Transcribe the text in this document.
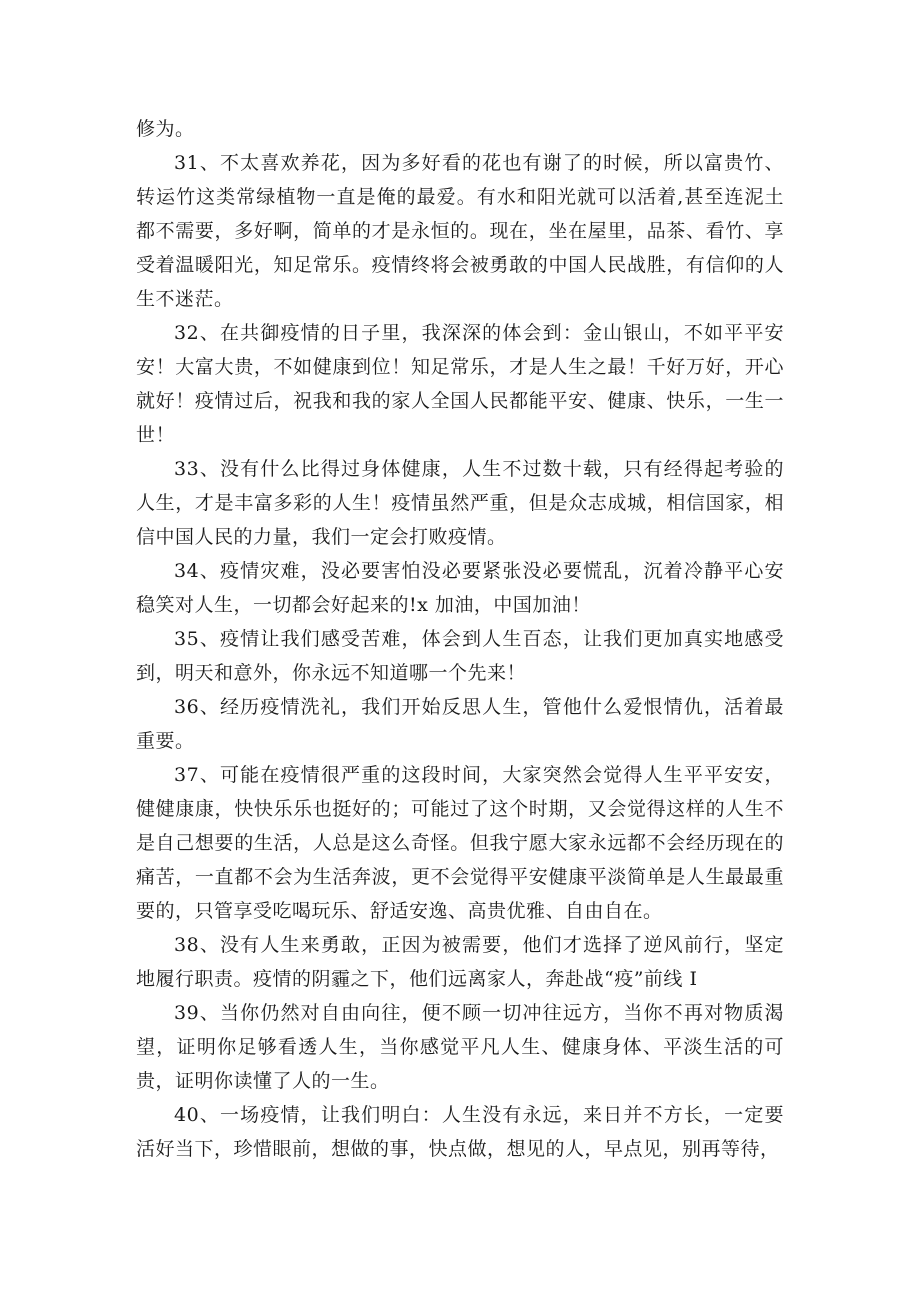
修为。

31、不太喜欢养花，因为多好看的花也有谢了的时候，所以富贵竹、转运竹这类常绿植物一直是俺的最爱。有水和阳光就可以活着,甚至连泥土都不需要，多好啊，简单的才是永恒的。现在，坐在屋里，品茶、看竹、享受着温暖阳光，知足常乐。疫情终将会被勇敢的中国人民战胜，有信仰的人生不迷茫。

32、在共御疫情的日子里，我深深的体会到：金山银山，不如平平安安！大富大贵，不如健康到位！知足常乐，才是人生之最！千好万好，开心就好！疫情过后，祝我和我的家人全国人民都能平安、健康、快乐，一生一世！

33、没有什么比得过身体健康，人生不过数十载，只有经得起考验的人生，才是丰富多彩的人生！疫情虽然严重，但是众志成城，相信国家，相信中国人民的力量，我们一定会打败疫情。

34、疫情灾难，没必要害怕没必要紧张没必要慌乱，沉着冷静平心安稳笑对人生，一切都会好起来的!x 加油，中国加油！

35、疫情让我们感受苦难，体会到人生百态，让我们更加真实地感受到，明天和意外，你永远不知道哪一个先来！

36、经历疫情洗礼，我们开始反思人生，管他什么爱恨情仇，活着最重要。

37、可能在疫情很严重的这段时间，大家突然会觉得人生平平安安，健健康康，快快乐乐也挺好的；可能过了这个时期，又会觉得这样的人生不是自己想要的生活，人总是这么奇怪。但我宁愿大家永远都不会经历现在的痛苦，一直都不会为生活奔波，更不会觉得平安健康平淡简单是人生最最重要的，只管享受吃喝玩乐、舒适安逸、高贵优雅、自由自在。

38、没有人生来勇敢，正因为被需要，他们才选择了逆风前行，坚定地履行职责。疫情的阴霾之下，他们远离家人，奔赴战“疫”前线 I

39、当你仍然对自由向往，便不顾一切冲往远方，当你不再对物质渴望，证明你足够看透人生，当你感觉平凡人生、健康身体、平淡生活的可贵，证明你读懂了人的一生。

40、一场疫情，让我们明白：人生没有永远，来日并不方长，一定要活好当下，珍惜眼前，想做的事，快点做，想见的人，早点见，别再等待，
